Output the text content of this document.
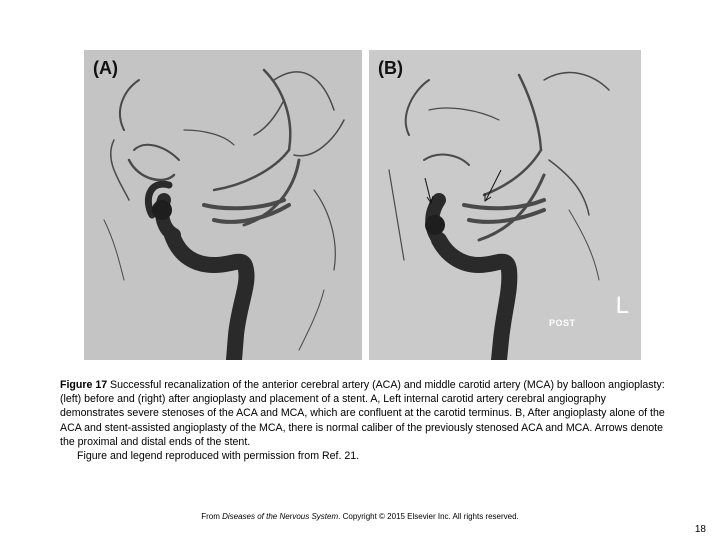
(A)	(B)
L
POST
Figure 17 Successful recanalization of the anterior cerebral artery (ACA) and middle carotid artery (MCA) by balloon angioplasty: (left) before and (right) after angioplasty and placement of a stent. A, Left internal carotid artery cerebral angiography demonstrates severe stenoses of the ACA and MCA, which are confluent at the carotid terminus. B, After angioplasty alone of the ACA and stent-assisted angioplasty of the MCA, there is normal caliber of the previously stenosed ACA and MCA. Arrows denote the proximal and distal ends of the stent.
Figure and legend reproduced with permission from Ref. 21.
From Diseases of the Nervous System. Copyright © 2015 Elsevier Inc. All rights reserved.
18
